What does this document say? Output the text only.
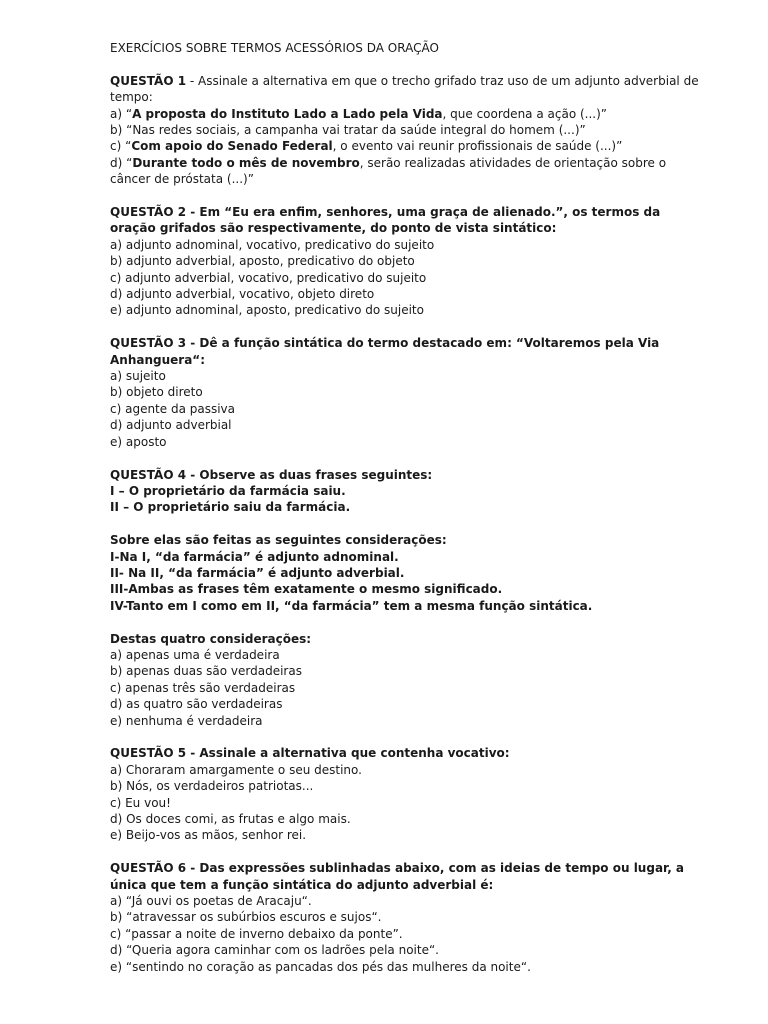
EXERCÍCIOS SOBRE TERMOS ACESSÓRIOS DA ORAÇÃO
QUESTÃO 1 - Assinale a alternativa em que o trecho grifado traz uso de um adjunto adverbial de tempo:
a) “A proposta do Instituto Lado a Lado pela Vida, que coordena a ação (...)”
b) “Nas redes sociais, a campanha vai tratar da saúde integral do homem (...)”
c) “Com apoio do Senado Federal, o evento vai reunir profissionais de saúde (...)”
d) “Durante todo o mês de novembro, serão realizadas atividades de orientação sobre o câncer de próstata (...)”
QUESTÃO 2 - Em “Eu era enfim, senhores, uma graça de alienado.”, os termos da oração grifados são respectivamente, do ponto de vista sintático:
a) adjunto adnominal, vocativo, predicativo do sujeito
b) adjunto adverbial, aposto, predicativo do objeto
c) adjunto adverbial, vocativo, predicativo do sujeito
d) adjunto adverbial, vocativo, objeto direto
e) adjunto adnominal, aposto, predicativo do sujeito
QUESTÃO 3 - Dê a função sintática do termo destacado em: “Voltaremos pela Via Anhanguera“:
a) sujeito
b) objeto direto
c) agente da passiva
d) adjunto adverbial
e) aposto
QUESTÃO 4 - Observe as duas frases seguintes:
I – O proprietário da farmácia saiu.
II – O proprietário saiu da farmácia.
Sobre elas são feitas as seguintes considerações:
I-Na I, “da farmácia” é adjunto adnominal.
II- Na II, “da farmácia” é adjunto adverbial.
III-Ambas as frases têm exatamente o mesmo significado.
IV-Tanto em I como em II, “da farmácia” tem a mesma função sintática.
Destas quatro considerações:
a) apenas uma é verdadeira
b) apenas duas são verdadeiras
c) apenas três são verdadeiras
d) as quatro são verdadeiras
e) nenhuma é verdadeira
QUESTÃO 5 - Assinale a alternativa que contenha vocativo:
a) Choraram amargamente o seu destino.
b) Nós, os verdadeiros patriotas...
c) Eu vou!
d) Os doces comi, as frutas e algo mais.
e) Beijo-vos as mãos, senhor rei.
QUESTÃO 6 - Das expressões sublinhadas abaixo, com as ideias de tempo ou lugar, a única que tem a função sintática do adjunto adverbial é:
a) “Já ouvi os poetas de Aracaju“.
b) “atravessar os subúrbios escuros e sujos“.
c) “passar a noite de inverno debaixo da ponte”.
d) “Queria agora caminhar com os ladrões pela noite“.
e) “sentindo no coração as pancadas dos pés das mulheres da noite“.
